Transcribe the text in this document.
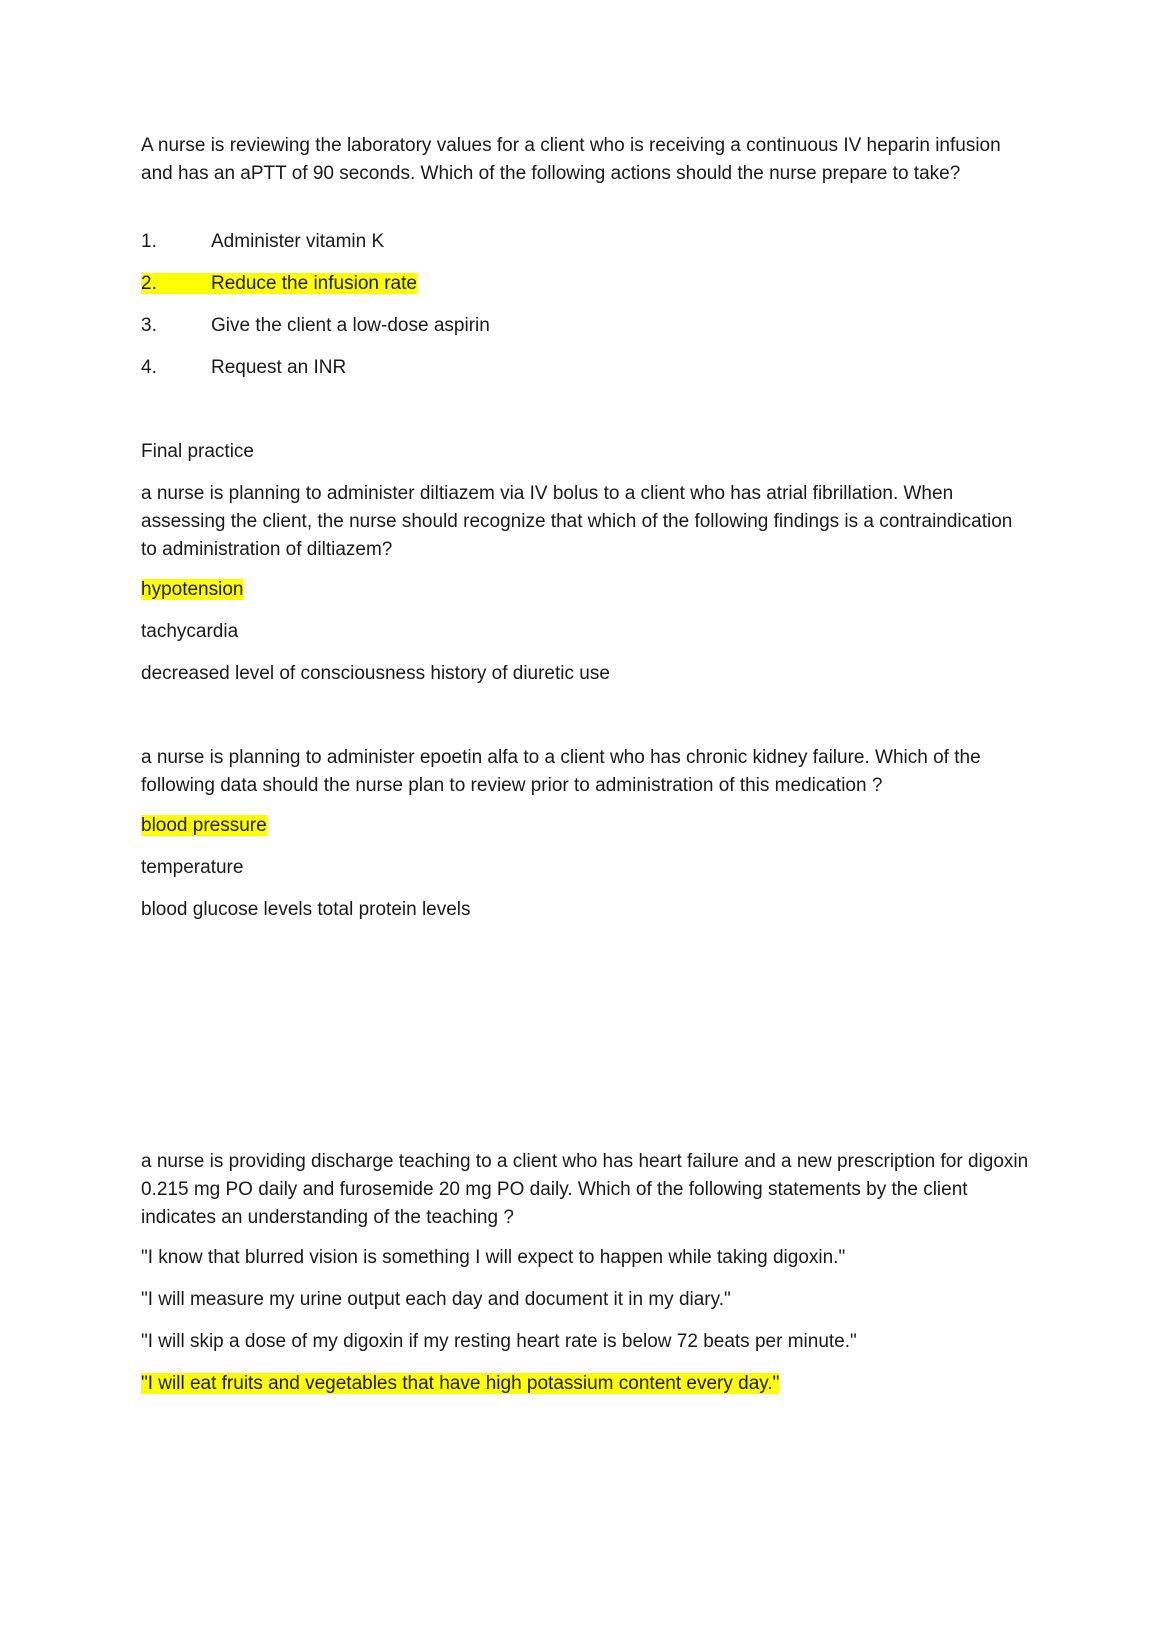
A nurse is reviewing the laboratory values for a client who is receiving a continuous IV heparin infusion and has an aPTT of 90 seconds. Which of the following actions should the nurse prepare to take?

1.	Administer vitamin K

2.	Reduce the infusion rate

3.	Give the client a low-dose aspirin

4.	Request an INR

Final practice

a nurse is planning to administer diltiazem via IV bolus to a client who has atrial fibrillation. When assessing the client, the nurse should recognize that which of the following findings is a contraindication to administration of diltiazem?

hypotension

tachycardia

decreased level of consciousness history of diuretic use

a nurse is planning to administer epoetin alfa to a client who has chronic kidney failure. Which of the following data should the nurse plan to review prior to administration of this medication ?

blood pressure

temperature

blood glucose levels total protein levels

a nurse is providing discharge teaching to a client who has heart failure and a new prescription for digoxin 0.215 mg PO daily and furosemide 20 mg PO daily. Which of the following statements by the client indicates an understanding of the teaching ?

"I know that blurred vision is something I will expect to happen while taking digoxin."

"I will measure my urine output each day and document it in my diary."

"I will skip a dose of my digoxin if my resting heart rate is below 72 beats per minute."

"I will eat fruits and vegetables that have high potassium content every day."
